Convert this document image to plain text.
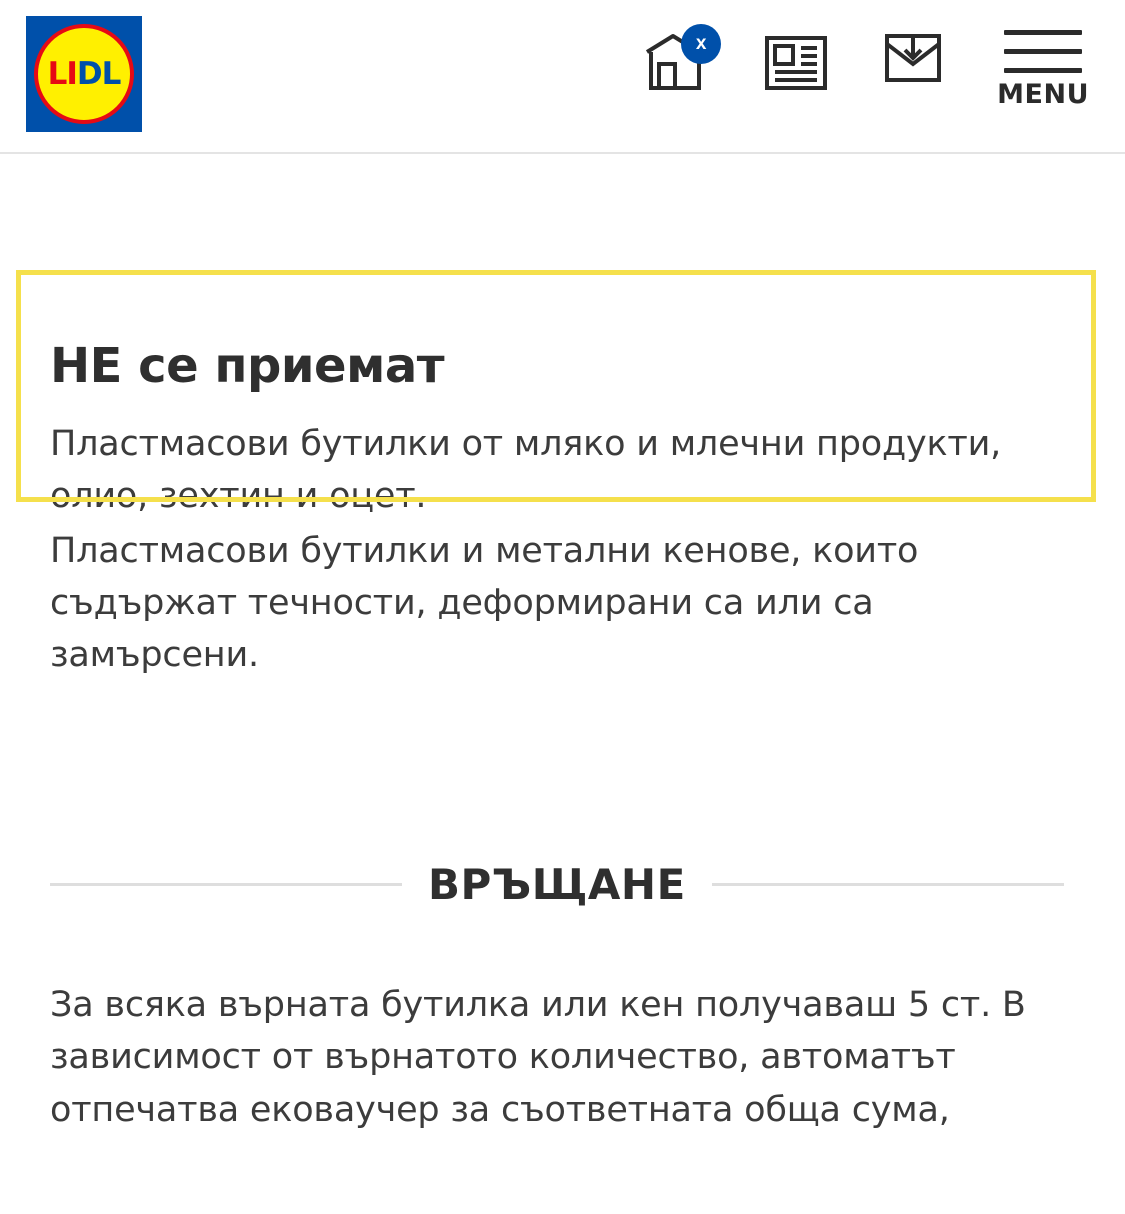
LI DL
x
MENU
НЕ се приемат

Пластмасови бутилки от мляко и млечни продукти, олио, зехтин и оцет.

Пластмасови бутилки и метални кенове, които съдържат течности, деформирани са или са замърсени.

ВРЪЩАНЕ

За всяка върната бутилка или кен получаваш 5 ст. В зависимост от върнатото количество, автоматът отпечатва ековаучер за съответната обща сума,
